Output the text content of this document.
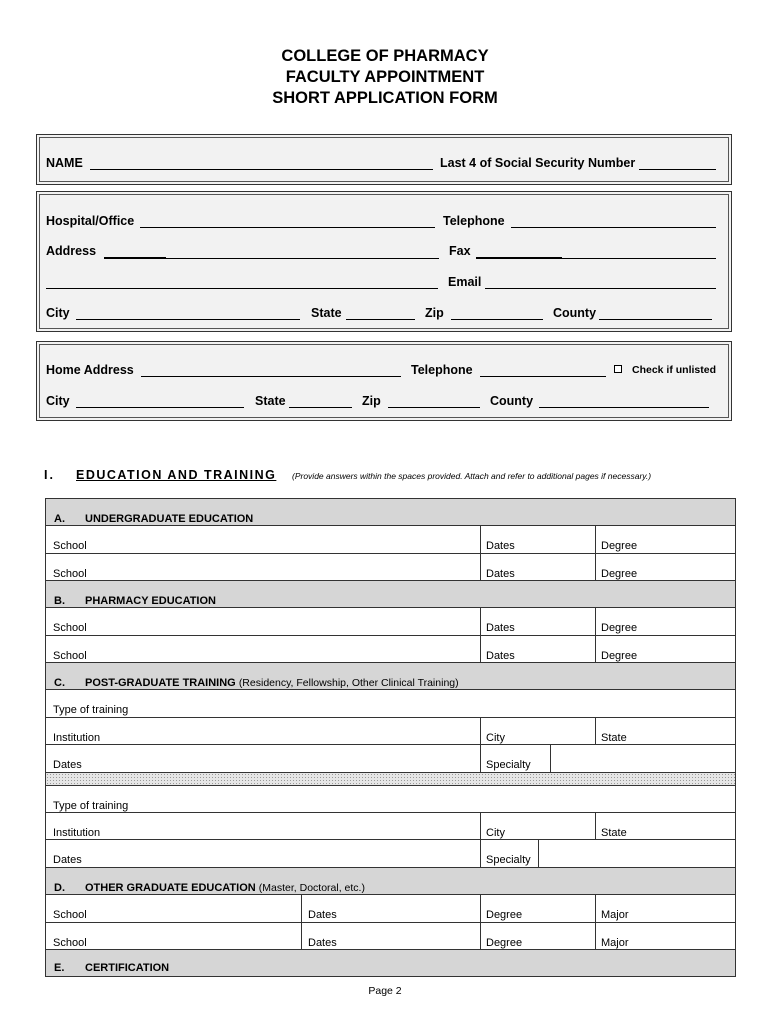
COLLEGE OF PHARMACY
FACULTY APPOINTMENT
SHORT APPLICATION FORM
NAME	Last 4 of Social Security Number
Hospital/Office	Telephone
Address	Fax
Email
City	State	Zip	County
Home Address	Telephone	Check if unlisted
City	State	Zip	County
I. EDUCATION AND TRAINING (Provide answers within the spaces provided. Attach and refer to additional pages if necessary.)
A. UNDERGRADUATE EDUCATION
School	Dates	Degree
School	Dates	Degree
B. PHARMACY EDUCATION
School	Dates	Degree
School	Dates	Degree
C. POST-GRADUATE TRAINING (Residency, Fellowship, Other Clinical Training)
Type of training
Institution	City	State
Dates	Specialty
Type of training
Institution	City	State
Dates	Specialty
D. OTHER GRADUATE EDUCATION (Master, Doctoral, etc.)
School	Dates	Degree	Major
School	Dates	Degree	Major
E. CERTIFICATION
Page 2
